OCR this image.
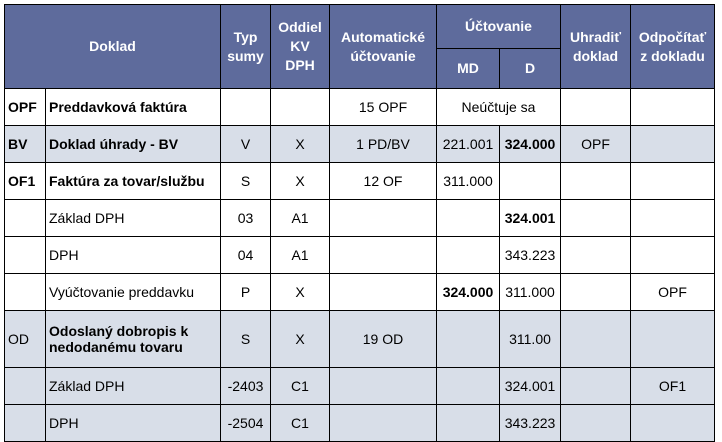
Doklad		Typ sumy	Oddiel KV DPH	Automatické účtovanie	Účtovanie		Uhradiť doklad	Odpočítať z dokladu
					MD	D		
OPF	Preddavková faktúra			15 OPF	Neúčtuje sa			
BV	Doklad úhrady - BV	V	X	1 PD/BV	221.001	324.000	OPF	
OF1	Faktúra za tovar/službu	S	X	12 OF	311.000			
	Základ DPH	03	A1			324.001		
	DPH	04	A1			343.223		
	Vyúčtovanie preddavku	P	X		324.000	311.000		OPF
OD	Odoslaný dobropis k nedodanému tovaru	S	X	19 OD		311.00		
	Základ DPH	-2403	C1			324.001		OF1
	DPH	-2504	C1			343.223		
